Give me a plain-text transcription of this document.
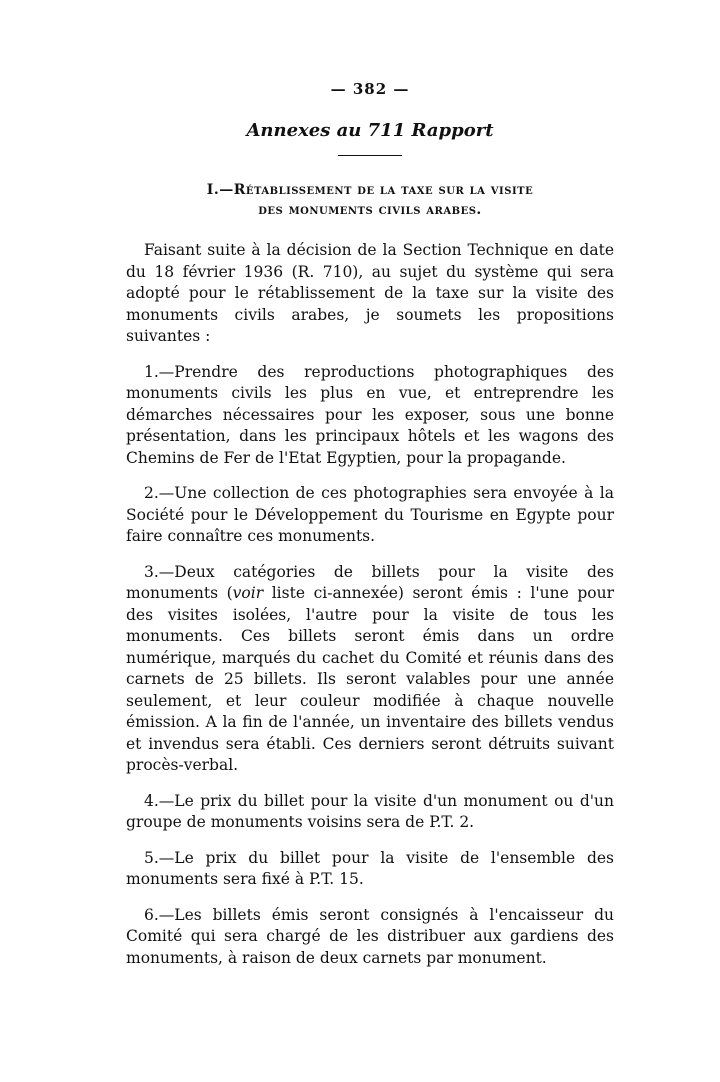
— 382 —
Annexes au 711 Rapport
I.—Rétablissement de la taxe sur la visite
des monuments civils arabes.

Faisant suite à la décision de la Section Technique en date du 18 février 1936 (R. 710), au sujet du système qui sera adopté pour le rétablissement de la taxe sur la visite des monuments civils arabes, je soumets les propositions suivantes :

1.—Prendre des reproductions photographiques des monuments civils les plus en vue, et entreprendre les démarches nécessaires pour les exposer, sous une bonne présentation, dans les principaux hôtels et les wagons des Chemins de Fer de l'Etat Egyptien, pour la propagande.

2.—Une collection de ces photographies sera envoyée à la Société pour le Développement du Tourisme en Egypte pour faire connaître ces monuments.

3.—Deux catégories de billets pour la visite des monuments (voir liste ci-annexée) seront émis : l'une pour des visites isolées, l'autre pour la visite de tous les monuments. Ces billets seront émis dans un ordre numérique, marqués du cachet du Comité et réunis dans des carnets de 25 billets. Ils seront valables pour une année seulement, et leur couleur modifiée à chaque nouvelle émission. A la fin de l'année, un inventaire des billets vendus et invendus sera établi. Ces derniers seront détruits suivant procès-verbal.

4.—Le prix du billet pour la visite d'un monument ou d'un groupe de monuments voisins sera de P.T. 2.

5.—Le prix du billet pour la visite de l'ensemble des monuments sera fixé à P.T. 15.

6.—Les billets émis seront consignés à l'encaisseur du Comité qui sera chargé de les distribuer aux gardiens des monuments, à raison de deux carnets par monument.
